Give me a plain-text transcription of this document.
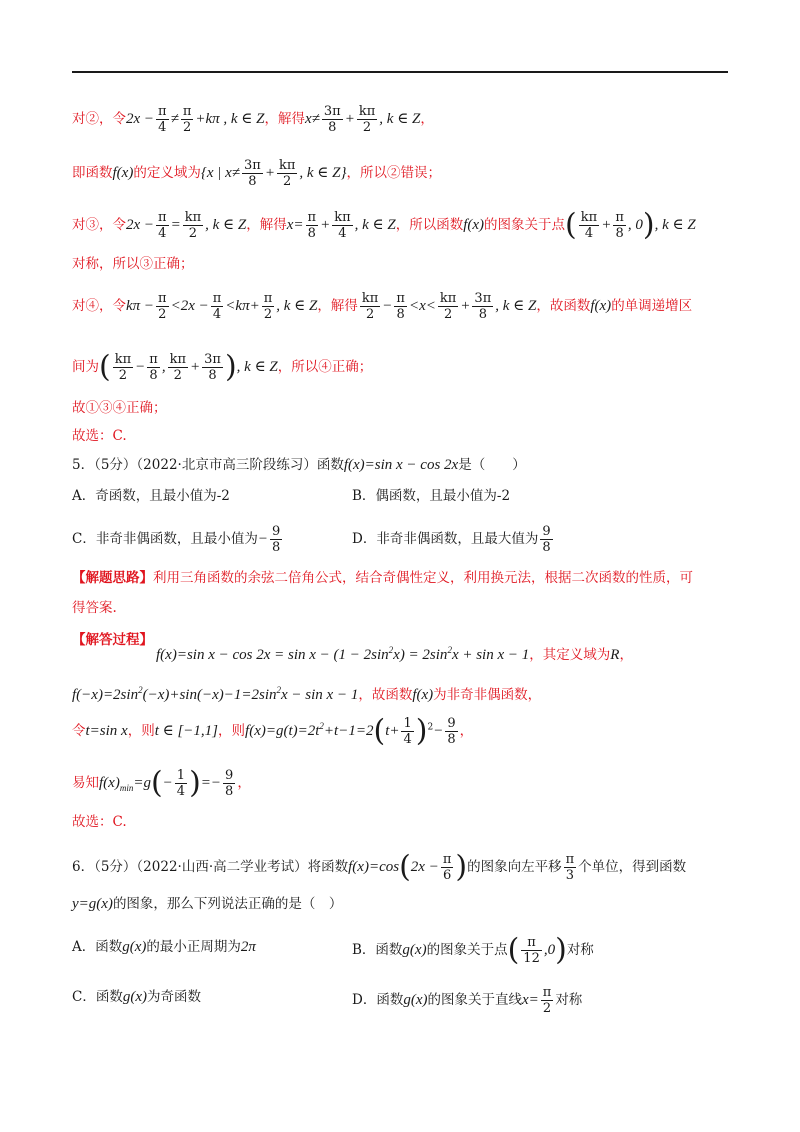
对②，令$2x - \frac{\pi}{4} \ne \frac{\pi}{2} +k\pi$ , k ∈ Z，解得$x\ne \frac{3\pi}{8} + \frac{k\pi}{2}$ , k ∈ Z，
即函数f(x)的定义域为{x | $x\ne \frac{3\pi}{8} + \frac{k\pi}{2}$ , k ∈ Z}，所以②错误；
对③，令$2x - \frac{\pi}{4} = \frac{k\pi}{2}$ , k ∈ Z，解得$x= \frac{\pi}{8} + \frac{k\pi}{4}$ , k ∈ Z，所以函数f(x)的图象关于点( $\frac{k\pi}{4} + \frac{\pi}{8}$ , 0), k ∈ Z
对称，所以③正确；
对④，令$k\pi - \frac{\pi}{2} <2x - \frac{\pi}{4} <k\pi+ \frac{\pi}{2}$ , k ∈ Z，解得 $\frac{k\pi}{2} - \frac{\pi}{8} <x< \frac{k\pi}{2} + \frac{3\pi}{8}$ , k ∈ Z，故函数f(x)的单调递增区
间为( $\frac{k\pi}{2} - \frac{\pi}{8}$ , $\frac{k\pi}{2} + \frac{3\pi}{8}$ ), k ∈ Z，所以④正确；
故①③④正确；
故选：C.
5．（5分）（2022·北京市高三阶段练习）函数f(x)=sin x − cos 2x是（　　）
A．奇函数，且最小值为-2	B．偶函数，且最小值为-2
C．非奇非偶函数，且最小值为− $\frac{9}{8}$	D．非奇非偶函数，且最大值为 $\frac{9}{8}$
【解题思路】利用三角函数的余弦二倍角公式，结合奇偶性定义，利用换元法，根据二次函数的性质，可
得答案.
【解答过程】
f(x)=sin $x - \cos 2x = \sin x - (1 - 2\sin^2x) = 2\sin^2x + \sin x - 1$，其定义域为R，
$f(-x)=2\sin^2(-x)+\sin(-x)-1=2\sin^2x - \sin x - 1$，故函数f(x)为非奇非偶函数，
令t=sin x，则t ∈ [−1,1]，则$f(x)=g(t)=2t^2+t-1=2(t+ \frac{1}{4} )^2- \frac{9}{8}$ ，
易知$f(x)_{min}=g(- \frac{1}{4}$ )=− $\frac{9}{8}$ ，
故选：C.
6．（5分）（2022·山西·高二学业考试）将函数$f(x)=\cos(2x - \frac{\pi}{6}$ )的图象向左平移 $\frac{\pi}{3}$ 个单位，得到函数
y=g(x)的图象，那么下列说法正确的是（　）
A．函数g(x)的最小正周期为2π	B．函数g(x)的图象关于点( $\frac{\pi}{12} ,0$)对称
C．函数g(x)为奇函数	D．函数g(x)的图象关于直线$x= \frac{\pi}{2}$ 对称
